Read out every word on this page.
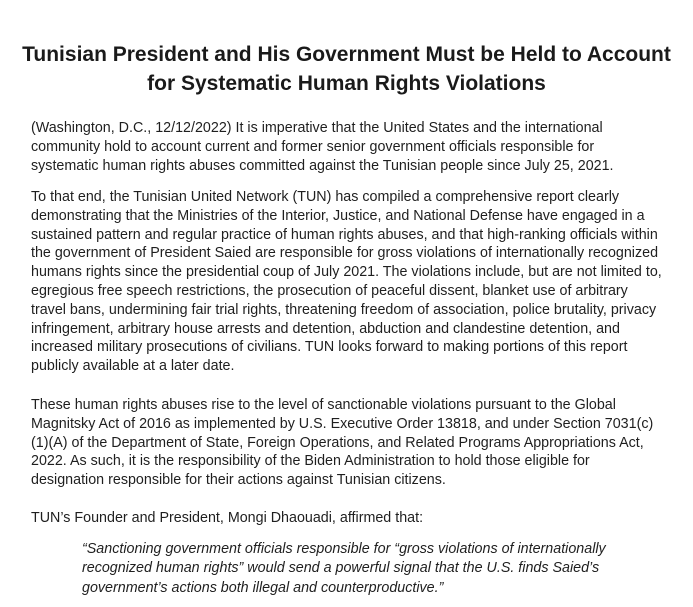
Tunisian President and His Government Must be Held to Account for Systematic Human Rights Violations

(Washington, D.C., 12/12/2022) It is imperative that the United States and the international community hold to account current and former senior government officials responsible for systematic human rights abuses committed against the Tunisian people since July 25, 2021.

To that end, the Tunisian United Network (TUN) has compiled a comprehensive report clearly demonstrating that the Ministries of the Interior, Justice, and National Defense have engaged in a sustained pattern and regular practice of human rights abuses, and that high-ranking officials within the government of President Saied are responsible for gross violations of internationally recognized humans rights since the presidential coup of July 2021. The violations include, but are not limited to, egregious free speech restrictions, the prosecution of peaceful dissent, blanket use of arbitrary travel bans, undermining fair trial rights, threatening freedom of association, police brutality, privacy infringement, arbitrary house arrests and detention, abduction and clandestine detention, and increased military prosecutions of civilians. TUN looks forward to making portions of this report publicly available at a later date.

These human rights abuses rise to the level of sanctionable violations pursuant to the Global Magnitsky Act of 2016 as implemented by U.S. Executive Order 13818, and under Section 7031(c)(1)(A) of the Department of State, Foreign Operations, and Related Programs Appropriations Act, 2022. As such, it is the responsibility of the Biden Administration to hold those eligible for designation responsible for their actions against Tunisian citizens.

TUN’s Founder and President, Mongi Dhaouadi, affirmed that:

“Sanctioning government officials responsible for “gross violations of internationally recognized human rights” would send a powerful signal that the U.S. finds Saied’s government’s actions both illegal and counterproductive.”
